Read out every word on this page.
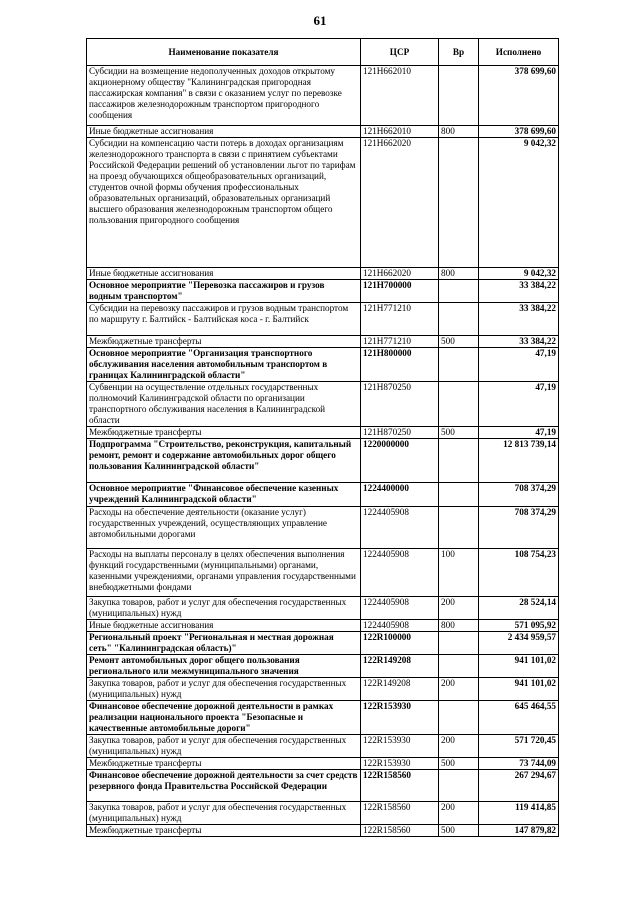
61
Наименование показателя	ЦСР	Вр	Исполнено
Субсидии на возмещение недополученных доходов открытому акционерному обществу "Калининградская пригородная пассажирская компания" в связи с оказанием услуг по перевозке пассажиров железнодорожным транспортом пригородного сообщения	121Н662010		378 699,60
Иные бюджетные ассигнования	121Н662010	800	378 699,60
Субсидии на компенсацию части потерь в доходах организациям железнодорожного транспорта в связи с принятием субъектами Российской Федерации решений об установлении льгот по тарифам на проезд обучающихся общеобразовательных организаций, студентов очной формы обучения профессиональных образовательных организаций, образовательных организаций высшего образования железнодорожным транспортом общего пользования пригородного сообщения	121Н662020		9 042,32
Иные бюджетные ассигнования	121Н662020	800	9 042,32
Основное мероприятие "Перевозка пассажиров и грузов водным транспортом"	121Н700000		33 384,22
Субсидии на перевозку пассажиров и грузов водным транспортом по маршруту г. Балтийск - Балтийская коса - г. Балтийск	121Н771210		33 384,22
Межбюджетные трансферты	121Н771210	500	33 384,22
Основное мероприятие "Организация транспортного обслуживания населения автомобильным транспортом в границах Калининградской области"	121Н800000		47,19
Субвенции на осуществление отдельных государственных полномочий Калининградской области по организации транспортного обслуживания населения в Калининградской области	121Н870250		47,19
Межбюджетные трансферты	121Н870250	500	47,19
Подпрограмма "Строительство, реконструкция, капитальный ремонт, ремонт и содержание автомобильных дорог общего пользования Калининградской области"	1220000000		12 813 739,14
Основное мероприятие "Финансовое обеспечение казенных учреждений Калининградской области"	1224400000		708 374,29
Расходы на обеспечение деятельности (оказание услуг) государственных учреждений, осуществляющих управление автомобильными дорогами	1224405908		708 374,29
Расходы на выплаты персоналу в целях обеспечения выполнения функций государственными (муниципальными) органами, казенными учреждениями, органами управления государственными внебюджетными фондами	1224405908	100	108 754,23
Закупка товаров, работ и услуг для обеспечения государственных (муниципальных) нужд	1224405908	200	28 524,14
Иные бюджетные ассигнования	1224405908	800	571 095,92
Региональный проект "Региональная и местная дорожная сеть" "Калининградская область)"	122R100000		2 434 959,57
Ремонт автомобильных дорог общего пользования регионального или межмуниципального значения	122R149208		941 101,02
Закупка товаров, работ и услуг для обеспечения государственных (муниципальных) нужд	122R149208	200	941 101,02
Финансовое обеспечение дорожной деятельности в рамках реализации национального проекта "Безопасные и качественные автомобильные дороги"	122R153930		645 464,55
Закупка товаров, работ и услуг для обеспечения государственных (муниципальных) нужд	122R153930	200	571 720,45
Межбюджетные трансферты	122R153930	500	73 744,09
Финансовое обеспечение дорожной деятельности за счет средств резервного фонда Правительства Российской Федерации	122R158560		267 294,67
Закупка товаров, работ и услуг для обеспечения государственных (муниципальных) нужд	122R158560	200	119 414,85
Межбюджетные трансферты	122R158560	500	147 879,82
